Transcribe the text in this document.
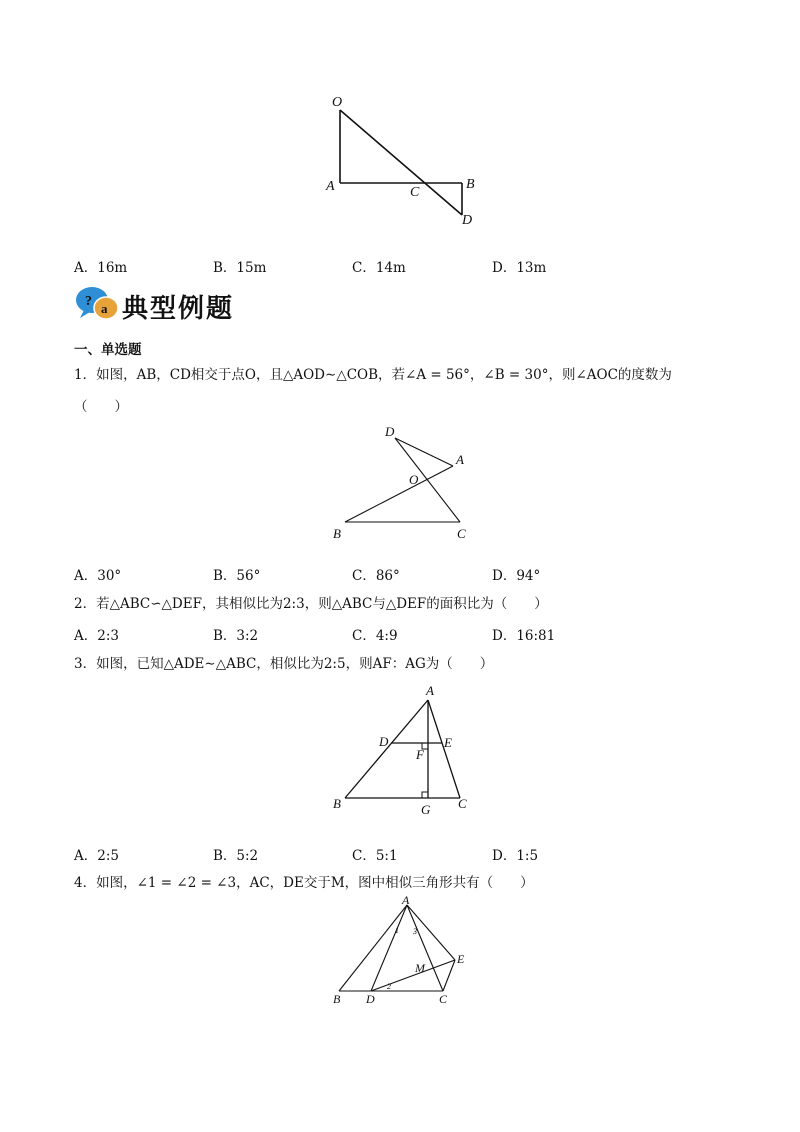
O
A	C
B
D
A．16m	B．15m	C．14m	D．13m
? a 典型例题
一、单选题
1．如图，AB，CD相交于点O，且△AOD∼△COB，若∠A = 56°，∠B = 30°，则∠AOC的度数为
（　　）
D
A
O
B	C
A．30°	B．56°	C．86°	D．94°
2．若△ABC∽△DEF，其相似比为2:3，则△ABC与△DEF的面积比为（　　）
A．2:3	B．3:2	C．4:9	D．16:81
3．如图，已知△ADE∼△ABC，相似比为2:5，则AF：AG为（　　）
A
D	E
F
B	G C
A．2:5	B．5:2	C．5:1	D．1:5
4．如图，∠1 = ∠2 = ∠3，AC，DE交于M，图中相似三角形共有（　　）
A
M
E
B D	C
1 3
2
